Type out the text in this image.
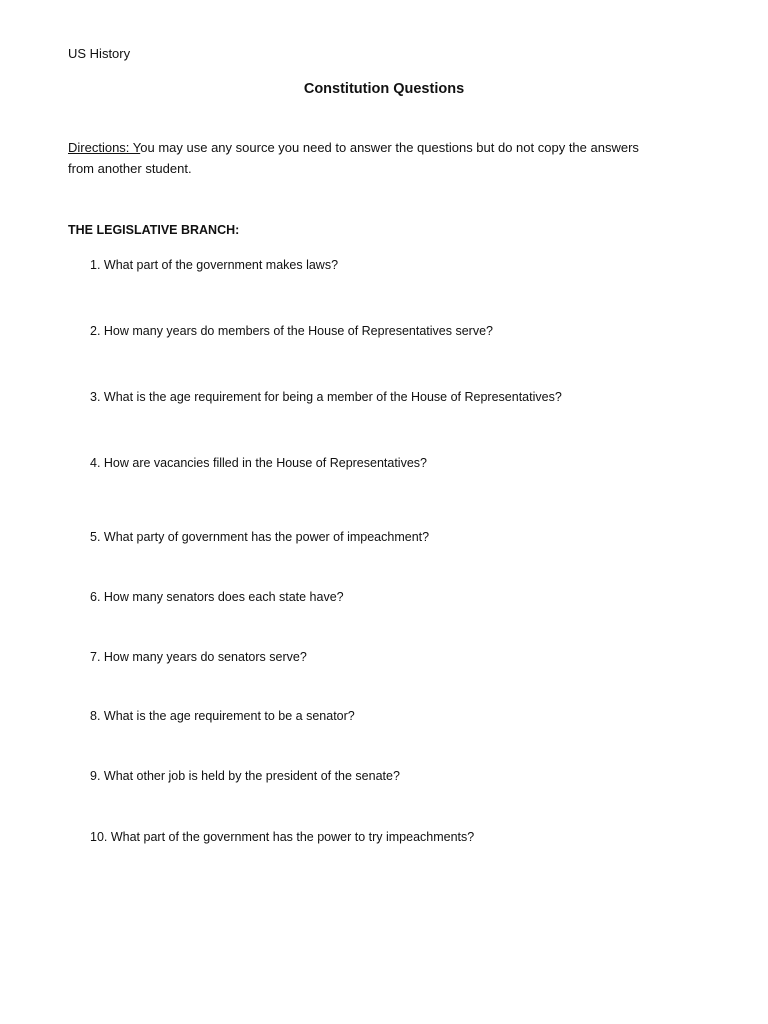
US History
Constitution Questions
Directions: You may use any source you need to answer the questions but do not copy the answers from another student.
THE LEGISLATIVE BRANCH:
1. What part of the government makes laws?
2. How many years do members of the House of Representatives serve?
3. What is the age requirement for being a member of the House of Representatives?
4. How are vacancies filled in the House of Representatives?
5. What party of government has the power of impeachment?
6. How many senators does each state have?
7. How many years do senators serve?
8. What is the age requirement to be a senator?
9. What other job is held by the president of the senate?
10. What part of the government has the power to try impeachments?
